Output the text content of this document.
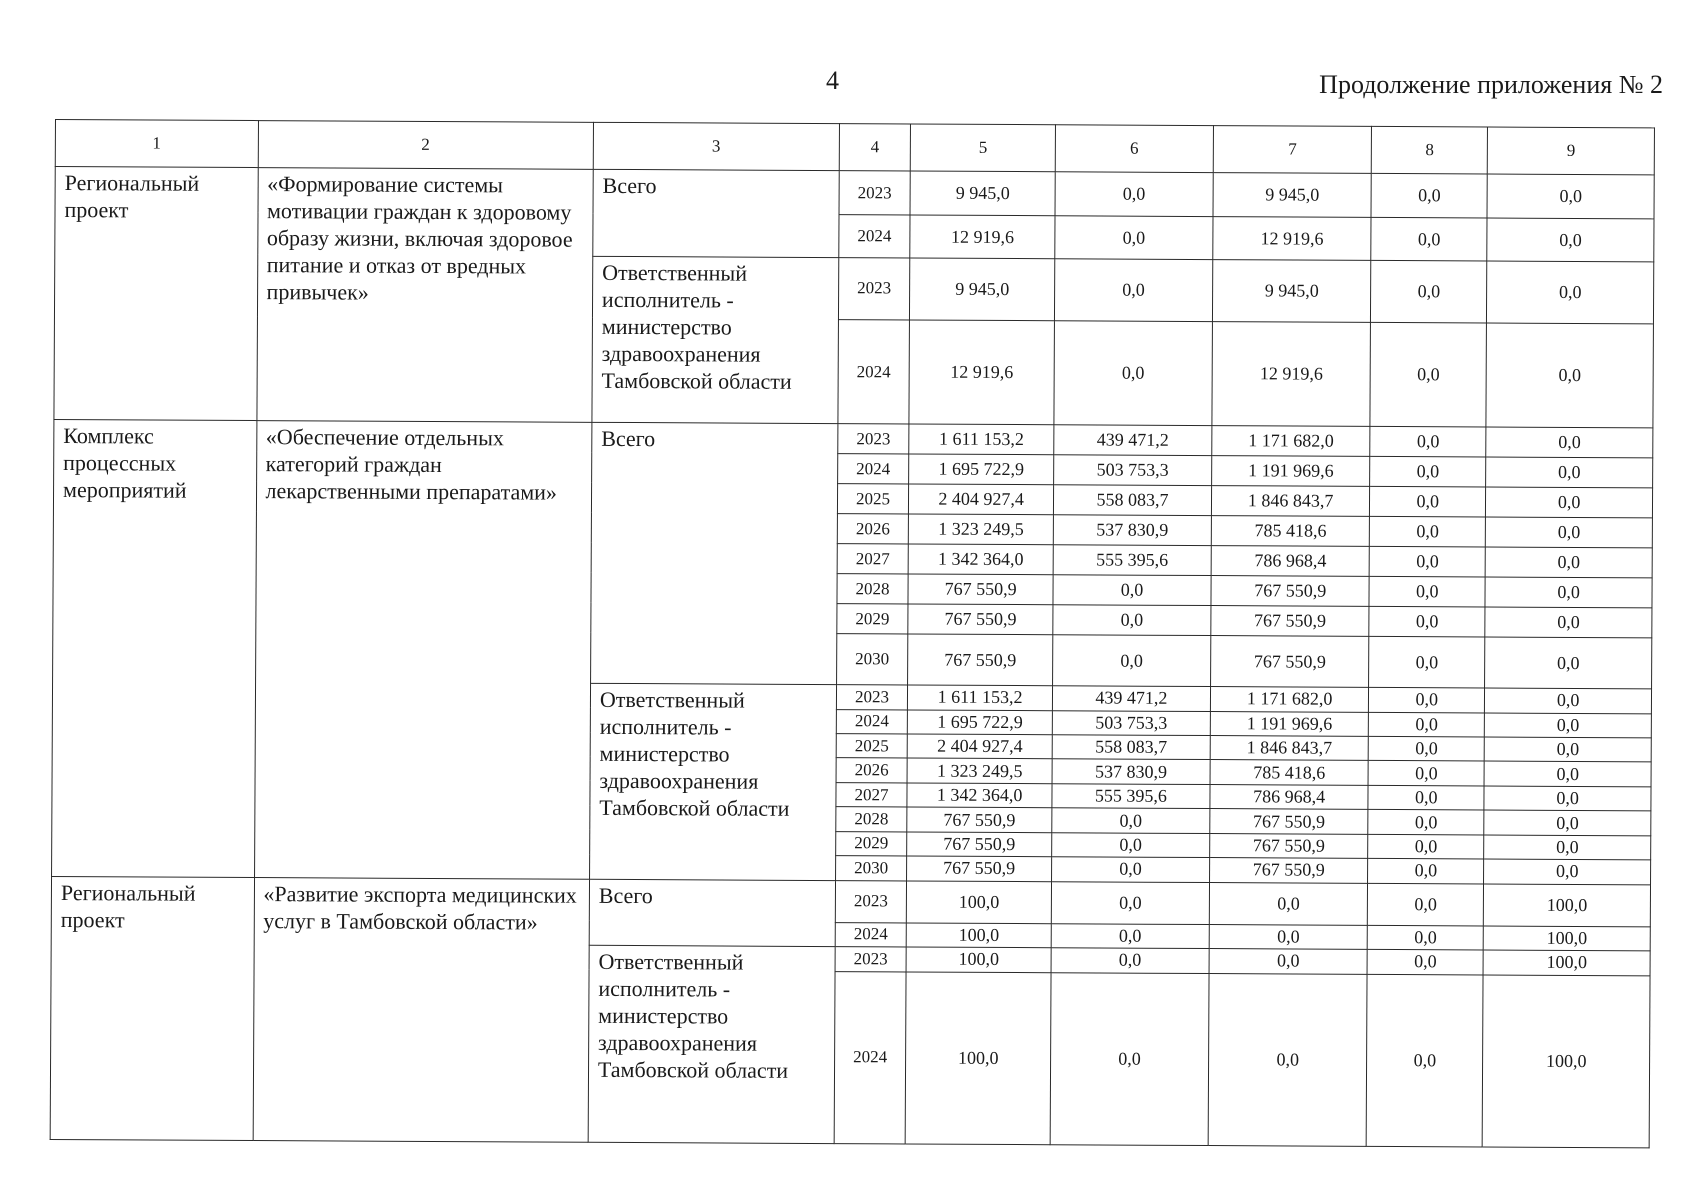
4	Продолжение приложения № 2
1	2	3	4	5	6	7	8	9
Региональный проект	«Формирование системы мотивации граждан к здоровому образу жизни, включая здоровое питание и отказ от вредных привычек»	Всего	2023	9 945,0	0,0	9 945,0	0,0	0,0
			2024	12 919,6	0,0	12 919,6	0,0	0,0
		Ответственный исполнитель - министерство здравоохранения Тамбовской области	2023	9 945,0	0,0	9 945,0	0,0	0,0
			2024	12 919,6	0,0	12 919,6	0,0	0,0
Комплекс процессных мероприятий	«Обеспечение отдельных категорий граждан лекарственными препаратами»	Всего	2023	1 611 153,2	439 471,2	1 171 682,0	0,0	0,0
			2024	1 695 722,9	503 753,3	1 191 969,6	0,0	0,0
			2025	2 404 927,4	558 083,7	1 846 843,7	0,0	0,0
			2026	1 323 249,5	537 830,9	785 418,6	0,0	0,0
			2027	1 342 364,0	555 395,6	786 968,4	0,0	0,0
			2028	767 550,9	0,0	767 550,9	0,0	0,0
			2029	767 550,9	0,0	767 550,9	0,0	0,0
			2030	767 550,9	0,0	767 550,9	0,0	0,0
		Ответственный исполнитель - министерство здравоохранения Тамбовской области	2023	1 611 153,2	439 471,2	1 171 682,0	0,0	0,0
			2024	1 695 722,9	503 753,3	1 191 969,6	0,0	0,0
			2025	2 404 927,4	558 083,7	1 846 843,7	0,0	0,0
			2026	1 323 249,5	537 830,9	785 418,6	0,0	0,0
			2027	1 342 364,0	555 395,6	786 968,4	0,0	0,0
			2028	767 550,9	0,0	767 550,9	0,0	0,0
			2029	767 550,9	0,0	767 550,9	0,0	0,0
			2030	767 550,9	0,0	767 550,9	0,0	0,0
Региональный проект	«Развитие экспорта медицинских услуг в Тамбовской области»	Всего	2023	100,0	0,0	0,0	0,0	100,0
			2024	100,0	0,0	0,0	0,0	100,0
		Ответственный исполнитель - министерство здравоохранения Тамбовской области	2023	100,0	0,0	0,0	0,0	100,0
			2024	100,0	0,0	0,0	0,0	100,0
